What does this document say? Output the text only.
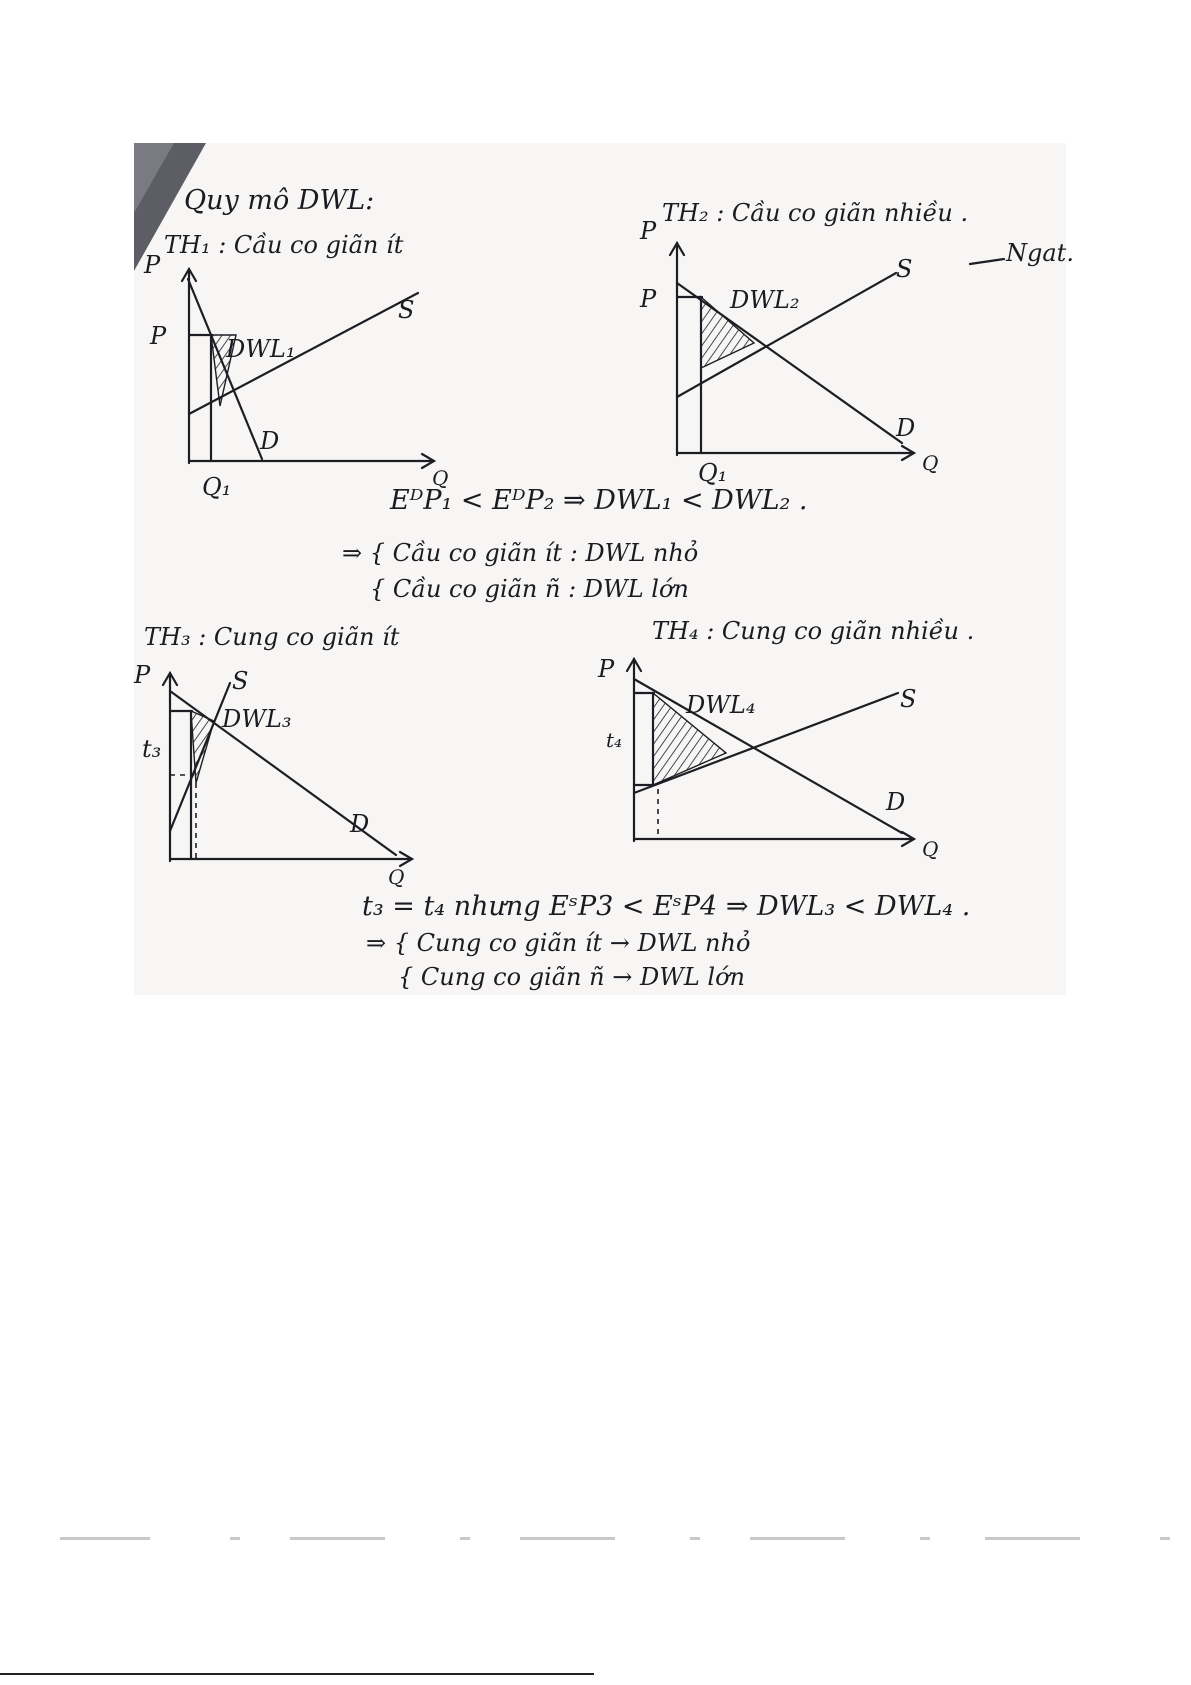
Quy mô DWL:
TH₁ : Cầu co giãn ít
P
P DWL₁
S
D
Q₁	Q
TH₂ : Cầu co giãn nhiều .
Ngat.
P
P	DWL₂
S
D
Q₁	Q
EᴰP₁ < EᴰP₂ ⇒ DWL₁ < DWL₂ .
⇒ { Cầu co giãn ít : DWL nhỏ
{ Cầu co giãn ñ : DWL lớn
TH₃ : Cung co giãn ít
P
t₃
DWL₃
S
D
Q
TH₄ : Cung co giãn nhiều .
P
t₄
DWL₄	S
D
Q
t₃ = t₄ nhưng EˢP3 < EˢP4 ⇒ DWL₃ < DWL₄ .
⇒ { Cung co giãn ít → DWL nhỏ
{ Cung co giãn ñ → DWL lớn
